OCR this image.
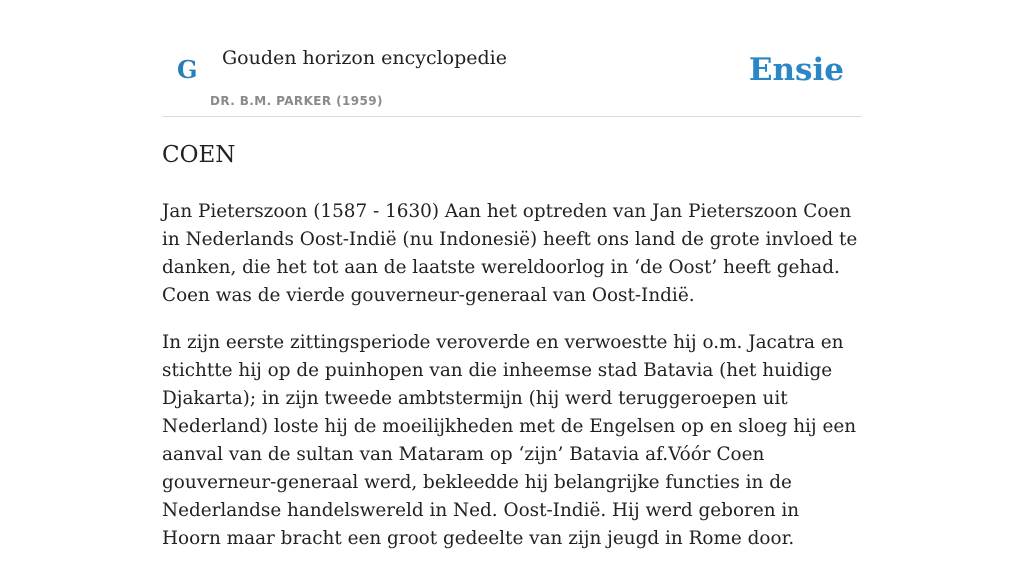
G Gouden horizon encyclopedie
DR. B.M. PARKER (1959)
Ensie
COEN

Jan Pieterszoon (1587 - 1630) Aan het optreden van Jan Pieterszoon Coen in Nederlands Oost-Indië (nu Indonesië) heeft ons land de grote invloed te danken, die het tot aan de laatste wereldoorlog in ‘de Oost’ heeft gehad. Coen was de vierde gouverneur-generaal van Oost-Indië.

In zijn eerste zittingsperiode veroverde en verwoestte hij o.m. Jacatra en stichtte hij op de puinhopen van die inheemse stad Batavia (het huidige Djakarta); in zijn tweede ambtstermijn (hij werd teruggeroepen uit Nederland) loste hij de moeilijkheden met de Engelsen op en sloeg hij een aanval van de sultan van Mataram op ‘zijn’ Batavia af.Vóór Coen gouverneur-generaal werd, bekleedde hij belangrijke functies in de Nederlandse handelswereld in Ned. Oost-Indië. Hij werd geboren in Hoorn maar bracht een groot gedeelte van zijn jeugd in Rome door.
